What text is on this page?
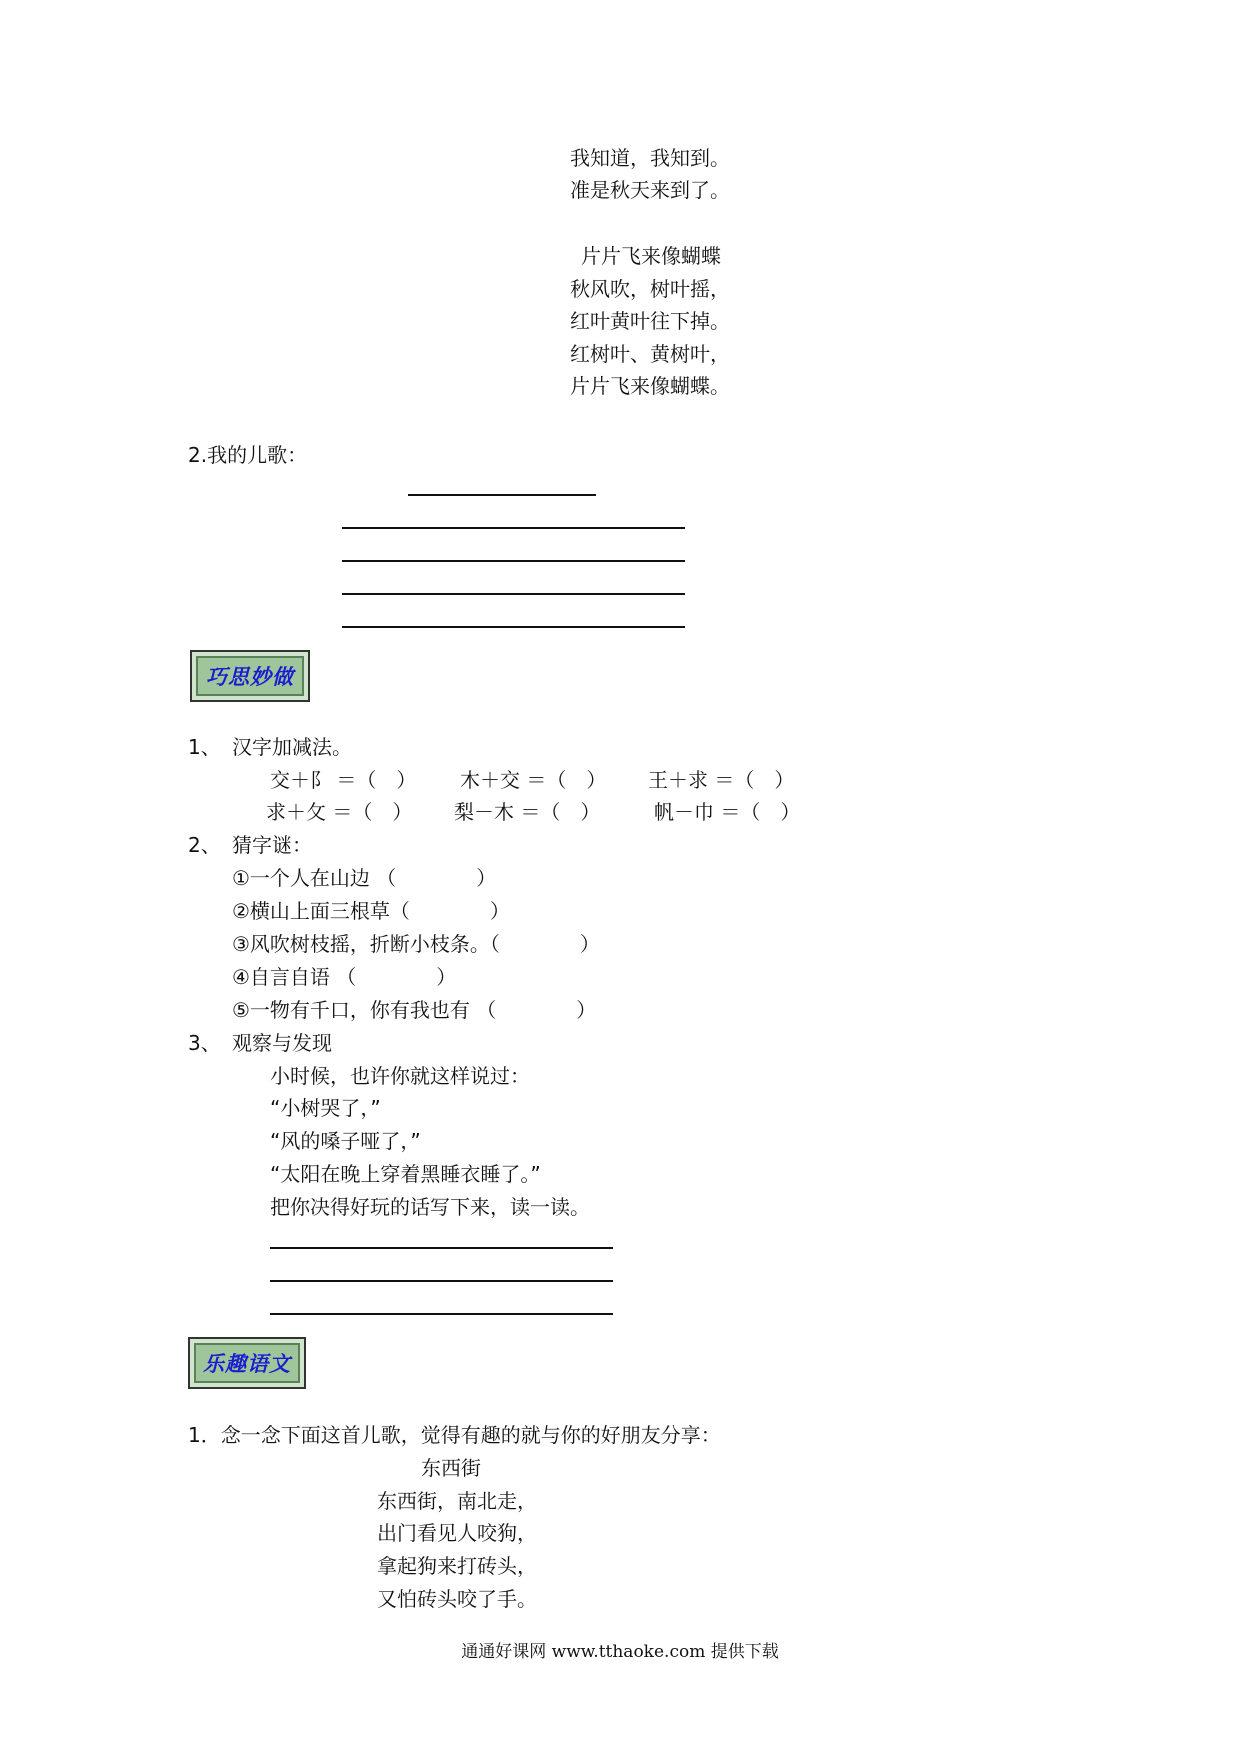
我知道，我知到。
准是秋天来到了。
片片飞来像蝴蝶
秋风吹，树叶摇，
红叶黄叶往下掉。
红树叶、黄树叶，
片片飞来像蝴蝶。
2.我的儿歌：
巧思妙做
1、 汉字加减法。
交＋阝 ＝（　） 木＋交 ＝（　） 王＋求 ＝（　）
求＋攵 ＝（　） 梨－木 ＝（　）	帆－巾 ＝（　）
2、 猜字谜：
①一个人在山边 （　　　　）
②横山上面三根草（　　　　）
③风吹树枝摇，折断小枝条。（　　　　）
④自言自语 （　　　　）
⑤一物有千口，你有我也有 （　　　　）
3、 观察与发现
小时候，也许你就这样说过：
“小树哭了，”
“风的嗓子哑了，”
“太阳在晚上穿着黑睡衣睡了。”
把你决得好玩的话写下来，读一读。
乐趣语文
1．念一念下面这首儿歌，觉得有趣的就与你的好朋友分享：
东西街
东西街，南北走，
出门看见人咬狗，
拿起狗来打砖头，
又怕砖头咬了手。
通通好课网 www.tthaoke.com 提供下载
